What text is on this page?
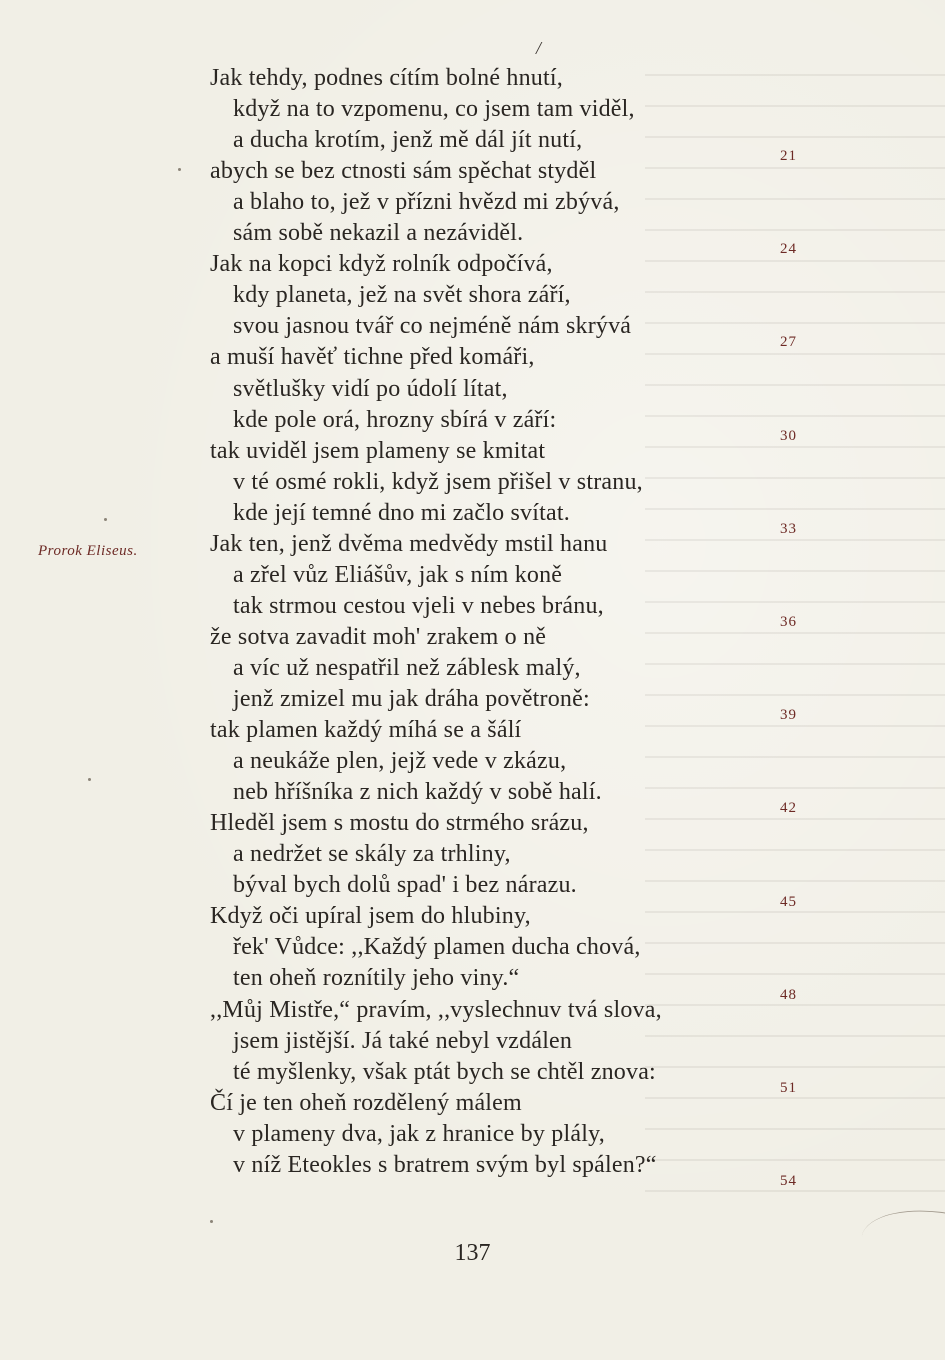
/
Jak tehdy, podnes cítím bolné hnutí,
když na to vzpomenu, co jsem tam viděl,
a ducha krotím, jenž mě dál jít nutí,
abych se bez ctnosti sám spěchat styděl
a blaho to, jež v přízni hvězd mi zbývá,
sám sobě nekazil a nezáviděl.
Jak na kopci když rolník odpočívá,
kdy planeta, jež na svět shora září,
svou jasnou tvář co nejméně nám skrývá
a muší havěť tichne před komáři,
světlušky vidí po údolí lítat,
kde pole orá, hrozny sbírá v září:
tak uviděl jsem plameny se kmitat
v té osmé rokli, když jsem přišel v stranu,
kde její temné dno mi začlo svítat.
Jak ten, jenž dvěma medvědy mstil hanu
a zřel vůz Eliášův, jak s ním koně
tak strmou cestou vjeli v nebes bránu,
že sotva zavadit moh' zrakem o ně
a víc už nespatřil než záblesk malý,
jenž zmizel mu jak dráha povětroně:
tak plamen každý míhá se a šálí
a neukáže plen, jejž vede v zkázu,
neb hříšníka z nich každý v sobě halí.
Hleděl jsem s mostu do strmého srázu,
a nedržet se skály za trhliny,
býval bych dolů spad' i bez nárazu.
Když oči upíral jsem do hlubiny,
řek' Vůdce: ,,Každý plamen ducha chová,
ten oheň roznítily jeho viny.“
,,Můj Mistře,“ pravím, ,,vyslechnuv tvá slova,
jsem jistější. Já také nebyl vzdálen
té myšlenky, však ptát bych se chtěl znova:
Čí je ten oheň rozdělený málem
v plameny dva, jak z hranice by plály,
v níž Eteokles s bratrem svým byl spálen?“
21
24
27
30
33
36
39
42
45
48
51
54
Prorok Eliseus.
137
